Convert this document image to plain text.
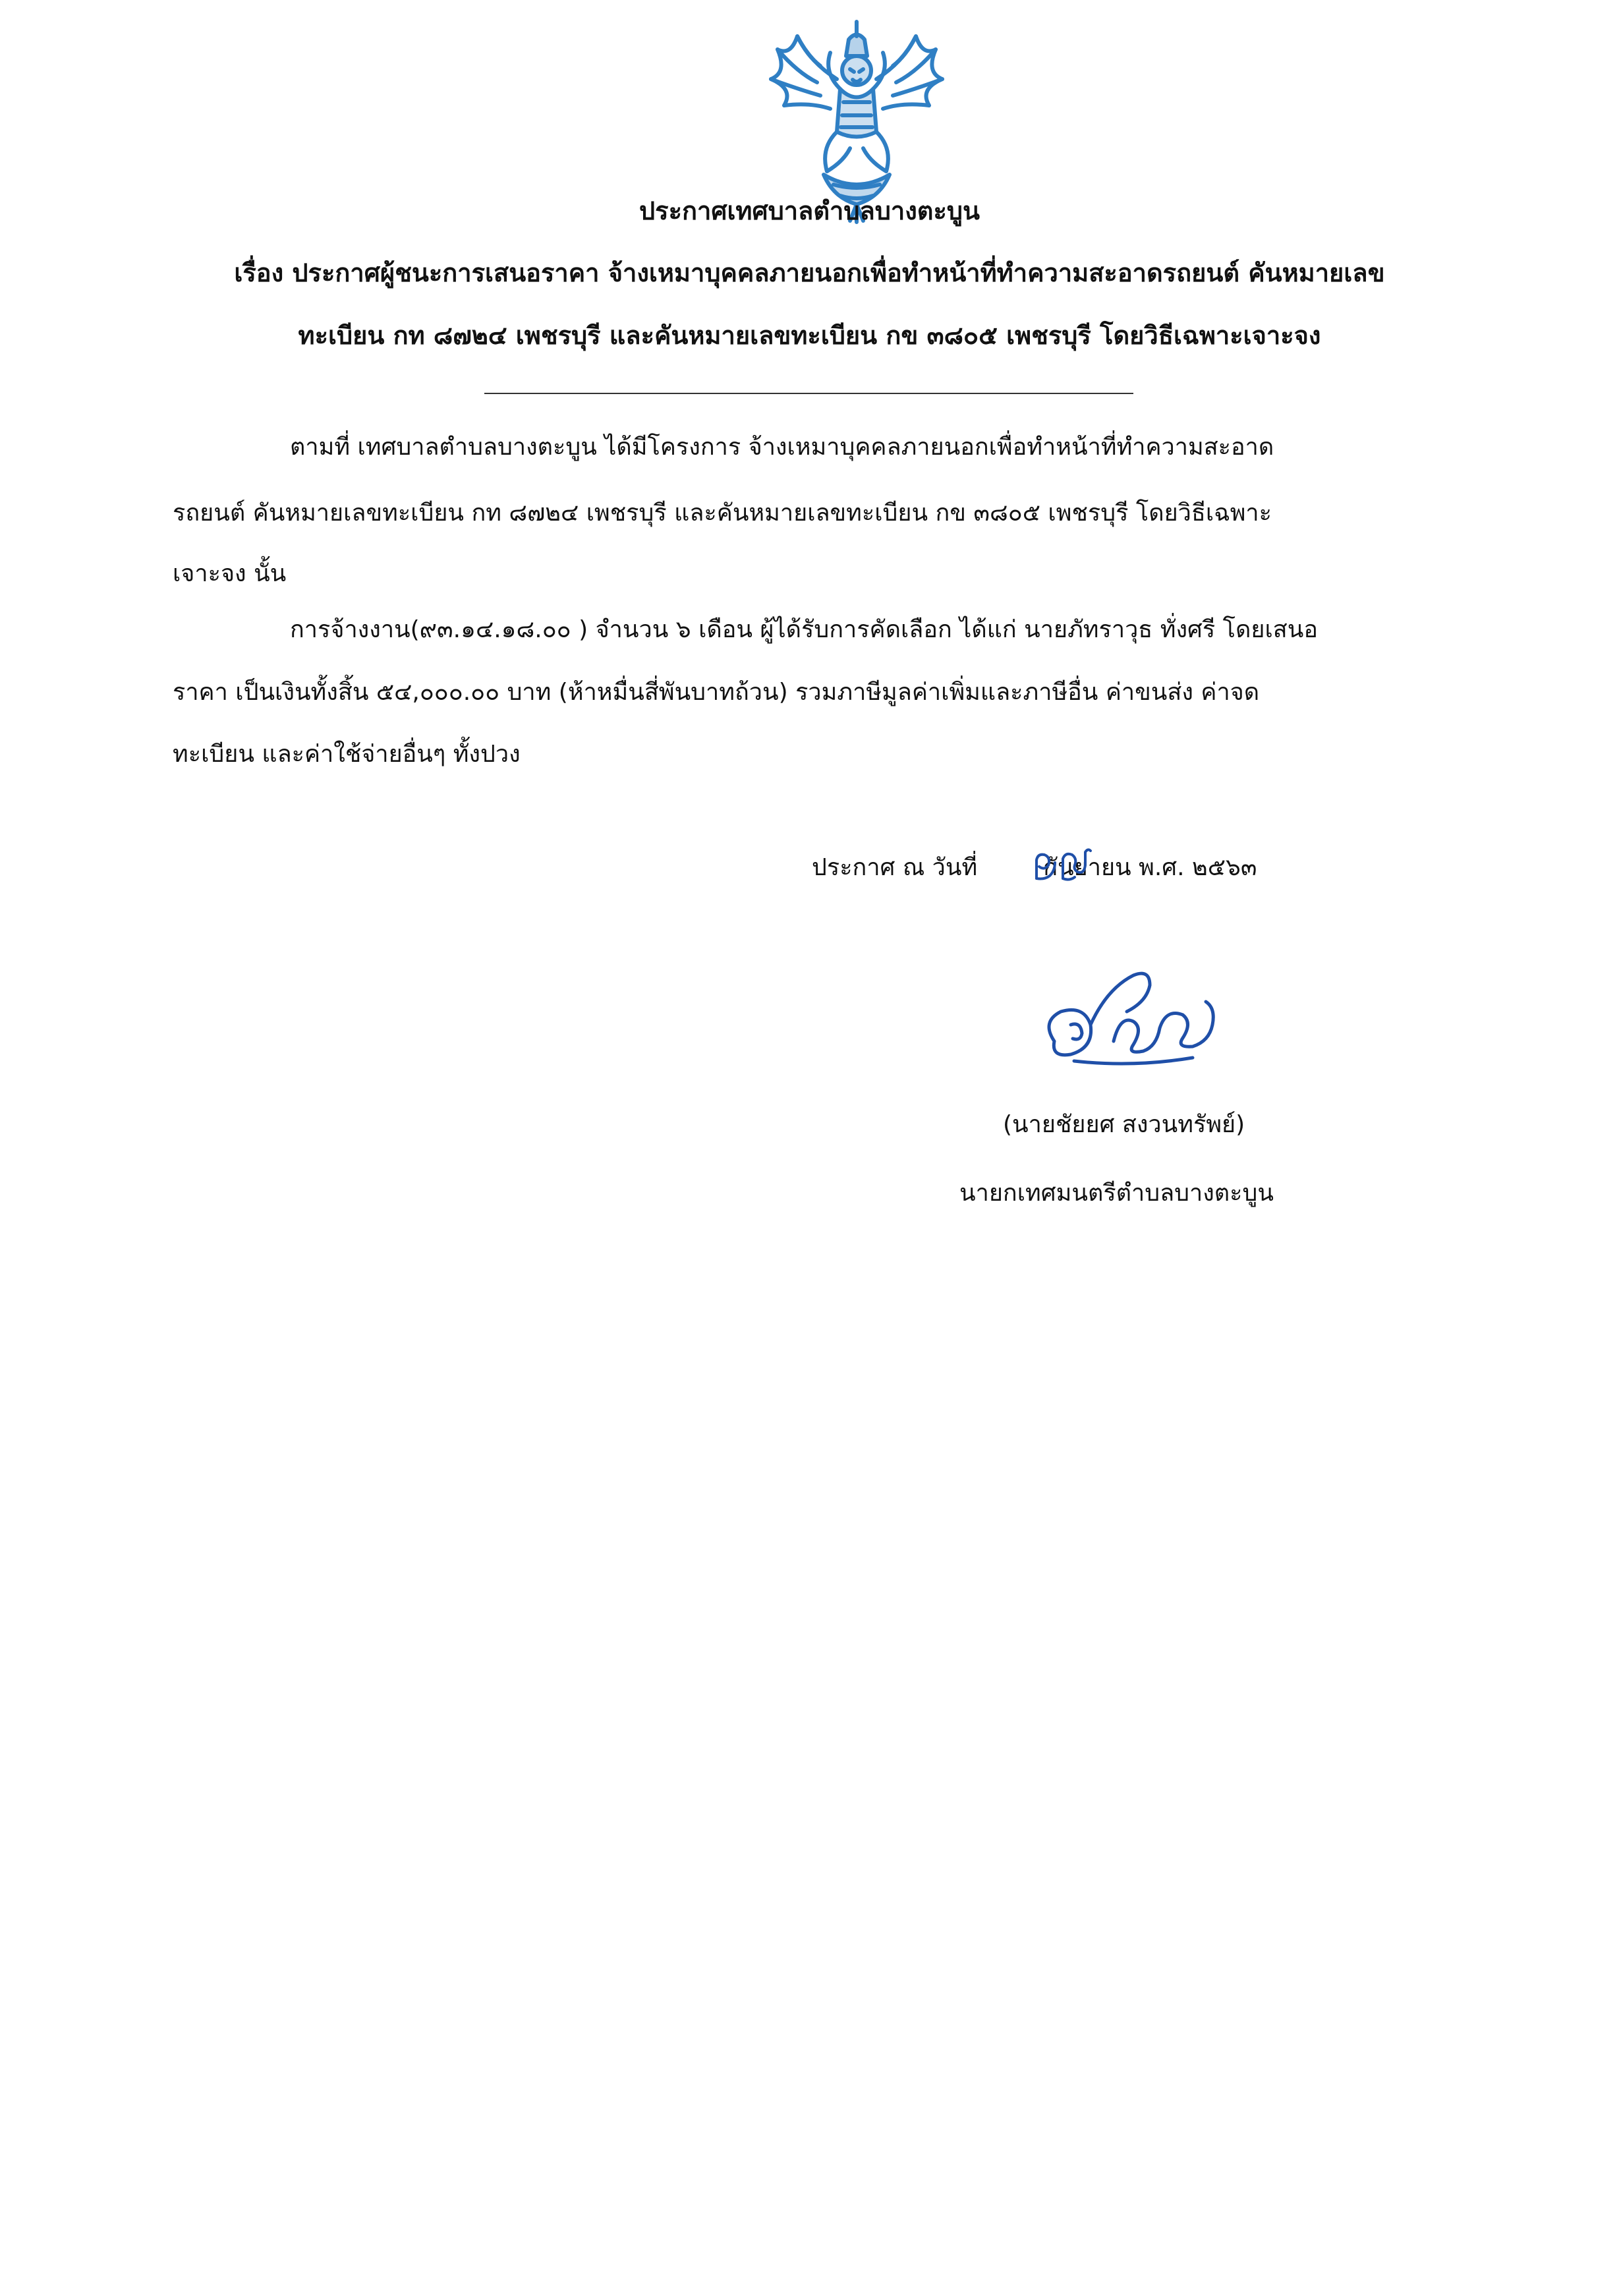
ประกาศเทศบาลตำบลบางตะบูน
เรื่อง ประกาศผู้ชนะการเสนอราคา จ้างเหมาบุคคลภายนอกเพื่อทำหน้าที่ทำความสะอาดรถยนต์ คันหมายเลข
ทะเบียน กท ๘๗๒๔ เพชรบุรี และคันหมายเลขทะเบียน กข ๓๘๐๕ เพชรบุรี โดยวิธีเฉพาะเจาะจง
ตามที่ เทศบาลตำบลบางตะบูน ได้มีโครงการ จ้างเหมาบุคคลภายนอกเพื่อทำหน้าที่ทำความสะอาด
รถยนต์ คันหมายเลขทะเบียน กท ๘๗๒๔ เพชรบุรี และคันหมายเลขทะเบียน กข ๓๘๐๕ เพชรบุรี โดยวิธีเฉพาะ
เจาะจง นั้น
การจ้างงาน(๙๓.๑๔.๑๘.๐๐ ) จำนวน ๖ เดือน ผู้ได้รับการคัดเลือก ได้แก่ นายภัทราวุธ ทั่งศรี โดยเสนอ
ราคา เป็นเงินทั้งสิ้น ๕๔,๐๐๐.๐๐ บาท (ห้าหมื่นสี่พันบาทถ้วน) รวมภาษีมูลค่าเพิ่มและภาษีอื่น ค่าขนส่ง ค่าจด
ทะเบียน และค่าใช้จ่ายอื่นๆ ทั้งปวง
ประกาศ ณ วันที่	กันยายน พ.ศ. ๒๕๖๓
(นายชัยยศ สงวนทรัพย์)
นายกเทศมนตรีตำบลบางตะบูน
